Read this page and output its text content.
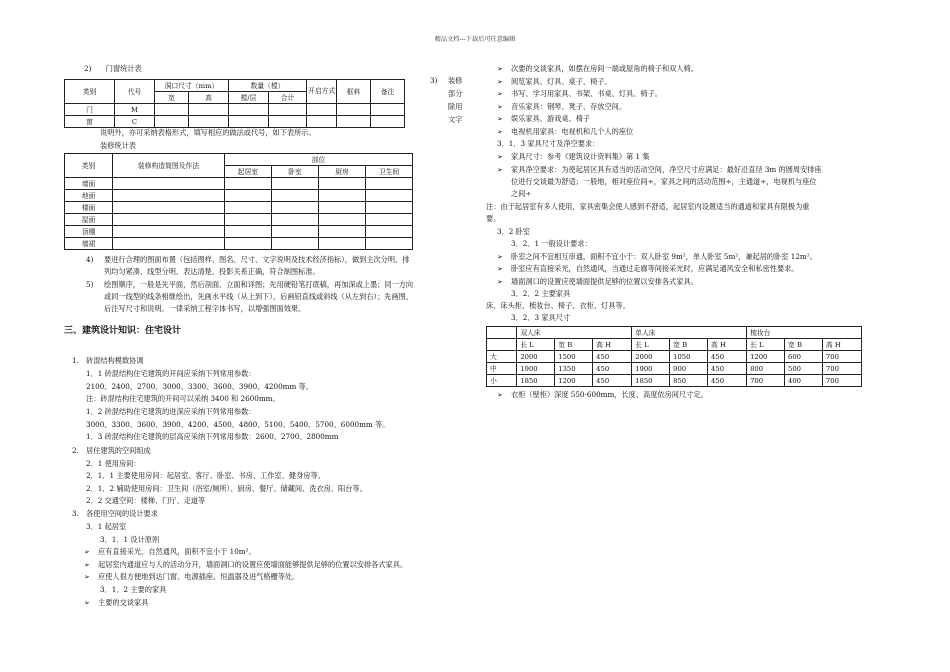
精品文档---下载后可任意编辑
2)　　门窗统计表
类别	代号	洞口尺寸（mm）		数量（樘）		开启方式	框料	备注
		宽	高	樘/层	合计			
门	M							
窗	C							
3) 装修
部分
除用
文字
说明外，亦可采纳表格形式，填写相应的做法或代号，如下表所示。
装修统计表
类别	装修构造简图及作法	部位			
		起居室	卧室	厨房	卫生间
墙面					
地面					
楼面					
屋面					
顶棚					
墙裙					
4) 要进行合理的图面布置（包括图样、图名、尺寸、文字说明及技术经济指标），做到主次分明、排
列均匀紧凑、线型分明、表达清楚、投影关系正确，符合制图标准。
5) 绘图顺序，一般是先平面，然后剖面、立面和详图；先用硬铅笔打底稿，再加深或上墨；同一方向
或同一线型的线条相继绘出，先画水平线（从上到下），后画铅直线或斜线（从左到右）；先画图，
后注写尺寸和说明。一律采纳工程字体书写，以增强图面效果。
三、建筑设计知识：住宅设计
1.　砖混结构模数协调
1．1 砖混结构住宅建筑的开间应采纳下列常用参数：
2100、2400、2700、3000、3300、3600、3900、4200mm 等。
注：砖混结构住宅建筑的开间可以采纳 3400 和 2600mm。
1．2 砖混结构住宅建筑的进深应采纳下列常用参数：
3000、3300、3600、3900、4200、4500、4800、5100、5400、5700、6000mm 等。
1．3 砖混结构住宅建筑的层高应采纳下列常用参数：2600、2700、2800mm
2.　居住建筑的空间组成
2．1 使用房间：
2．1．1 主要使用房间：起居室、客厅、卧室、书房、工作室、健身房等。
2．1．2 辅助使用房间：卫生间（浴室/厕所）、厨房、餐厅、储藏间、洗衣房、阳台等。
2．2 交通空间：楼梯、门厅、走道等
3.　各使用空间的设计要求
3．1 起居室
3．1．1 设计原则
➢ 应有直接采光、自然通风，面积不宜小于 10m²。
➢ 起居室内通道应与人的活动分开，墙面洞口的设置应使墙面能够提供足够的位置以安排各式家具。
➢ 应使人很方便地到达门窗、电源插座、恒温器及进气格栅等处。
3．1．2 主要的家具
➢ 主要的交谈家具
➢ 次要的交谈家具，如摆在房间一端或屋角的椅子和双人椅。
➢ 阅览家具、灯具、桌子、椅子。
➢ 书写、学习用家具、书架、书桌、灯具、椅子。
➢ 音乐家具：钢琴、凳子、存放空间。
➢ 娱乐家具、游戏桌、椅子
➢ 电视机用家具：电视机和几个人的座位
3．1．3 家具尺寸及净空要求：
➢ 家具尺寸：参考《建筑设计资料集》第 1 集
➢ 家具净空要求：为使起居区具有适当的活动空间，净空尺寸应满足：最好沿直径 3m 的圆周安排座
位进行交谈最为舒适；一般地，相对座位间÷，家具之间的活动范围÷，主通道÷，电视机与座位
之间÷
注：由于起居室有多人使用，家具密集会使人感到不舒适，起居室内设置适当的通道和家具有限极为重
要。
3．2 卧室
3．2．1 一般设计要求：
➢ 卧室之间不宜相互串通，面积不宜小于：双人卧室 9m²，单人卧室 5m²，兼起居的卧室 12m²。
➢ 卧室应有直接采光，自然通风，当通过走廊等间接采光时，应满足通风安全和私密性要求。
➢ 墙面洞口的设置应使墙面提供足够的位置以安排各式家具。
3．2．2 主要家具
床、床头柜、梳妆台、椅子、衣柜、灯具等。
3．2．3 家具尺寸
	双人床			单人床			梳妆台		
	长 L	宽 B	高 H	长 L	宽 B	高 H	长 L	宽 B	高 H
大	2000	1500	450	2000	1050	450	1200	600	700
中	1900	1350	450	1900	900	450	800	500	700
小	1850	1200	450	1850	850	450	700	400	700
➢ 衣柜（壁柜）深度 550-600mm，长度、高度依房间尺寸定。
